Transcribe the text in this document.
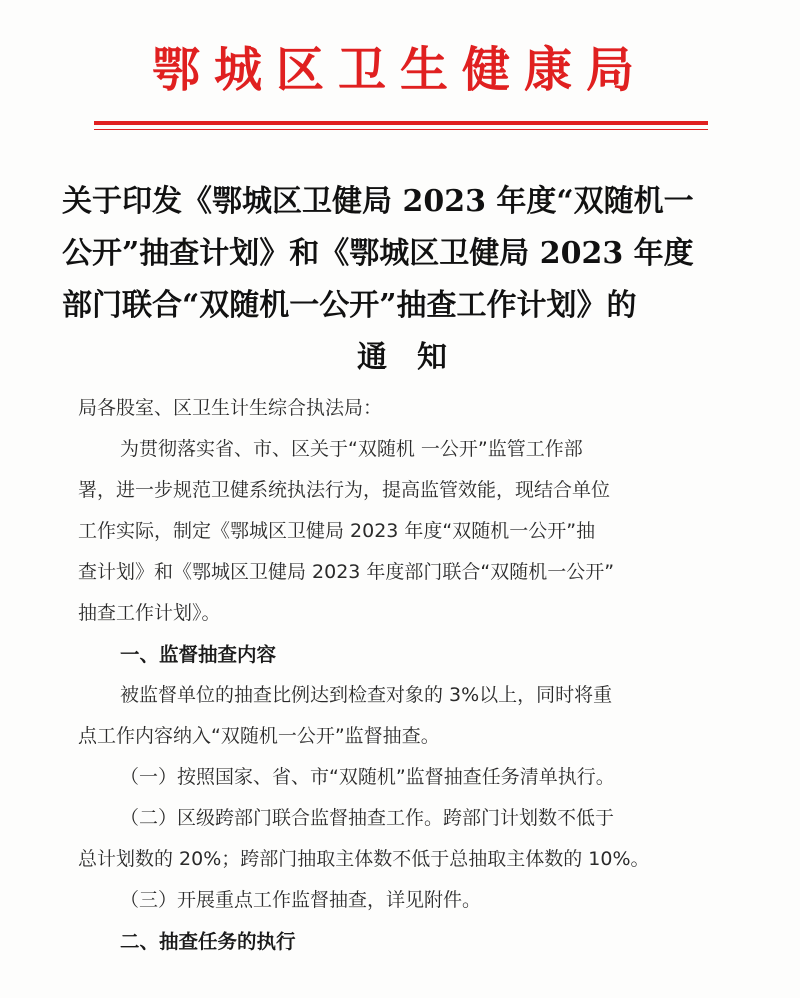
鄂城区卫生健康局
关于印发《鄂城区卫健局 2023 年度“双随机一
公开”抽查计划》和《鄂城区卫健局 2023 年度
部门联合“双随机一公开”抽查工作计划》的
通知
局各股室、区卫生计生综合执法局：
为贯彻落实省、市、区关于“双随机 一公开”监管工作部
署，进一步规范卫健系统执法行为，提高监管效能，现结合单位
工作实际，制定《鄂城区卫健局 2023 年度“双随机一公开”抽
查计划》和《鄂城区卫健局 2023 年度部门联合“双随机一公开”
抽查工作计划》。
一、监督抽查内容
被监督单位的抽查比例达到检查对象的 3%以上，同时将重
点工作内容纳入“双随机一公开”监督抽查。
（一）按照国家、省、市“双随机”监督抽查任务清单执行。
（二）区级跨部门联合监督抽查工作。跨部门计划数不低于
总计划数的 20%；跨部门抽取主体数不低于总抽取主体数的 10%。
（三）开展重点工作监督抽查，详见附件。
二、抽查任务的执行
